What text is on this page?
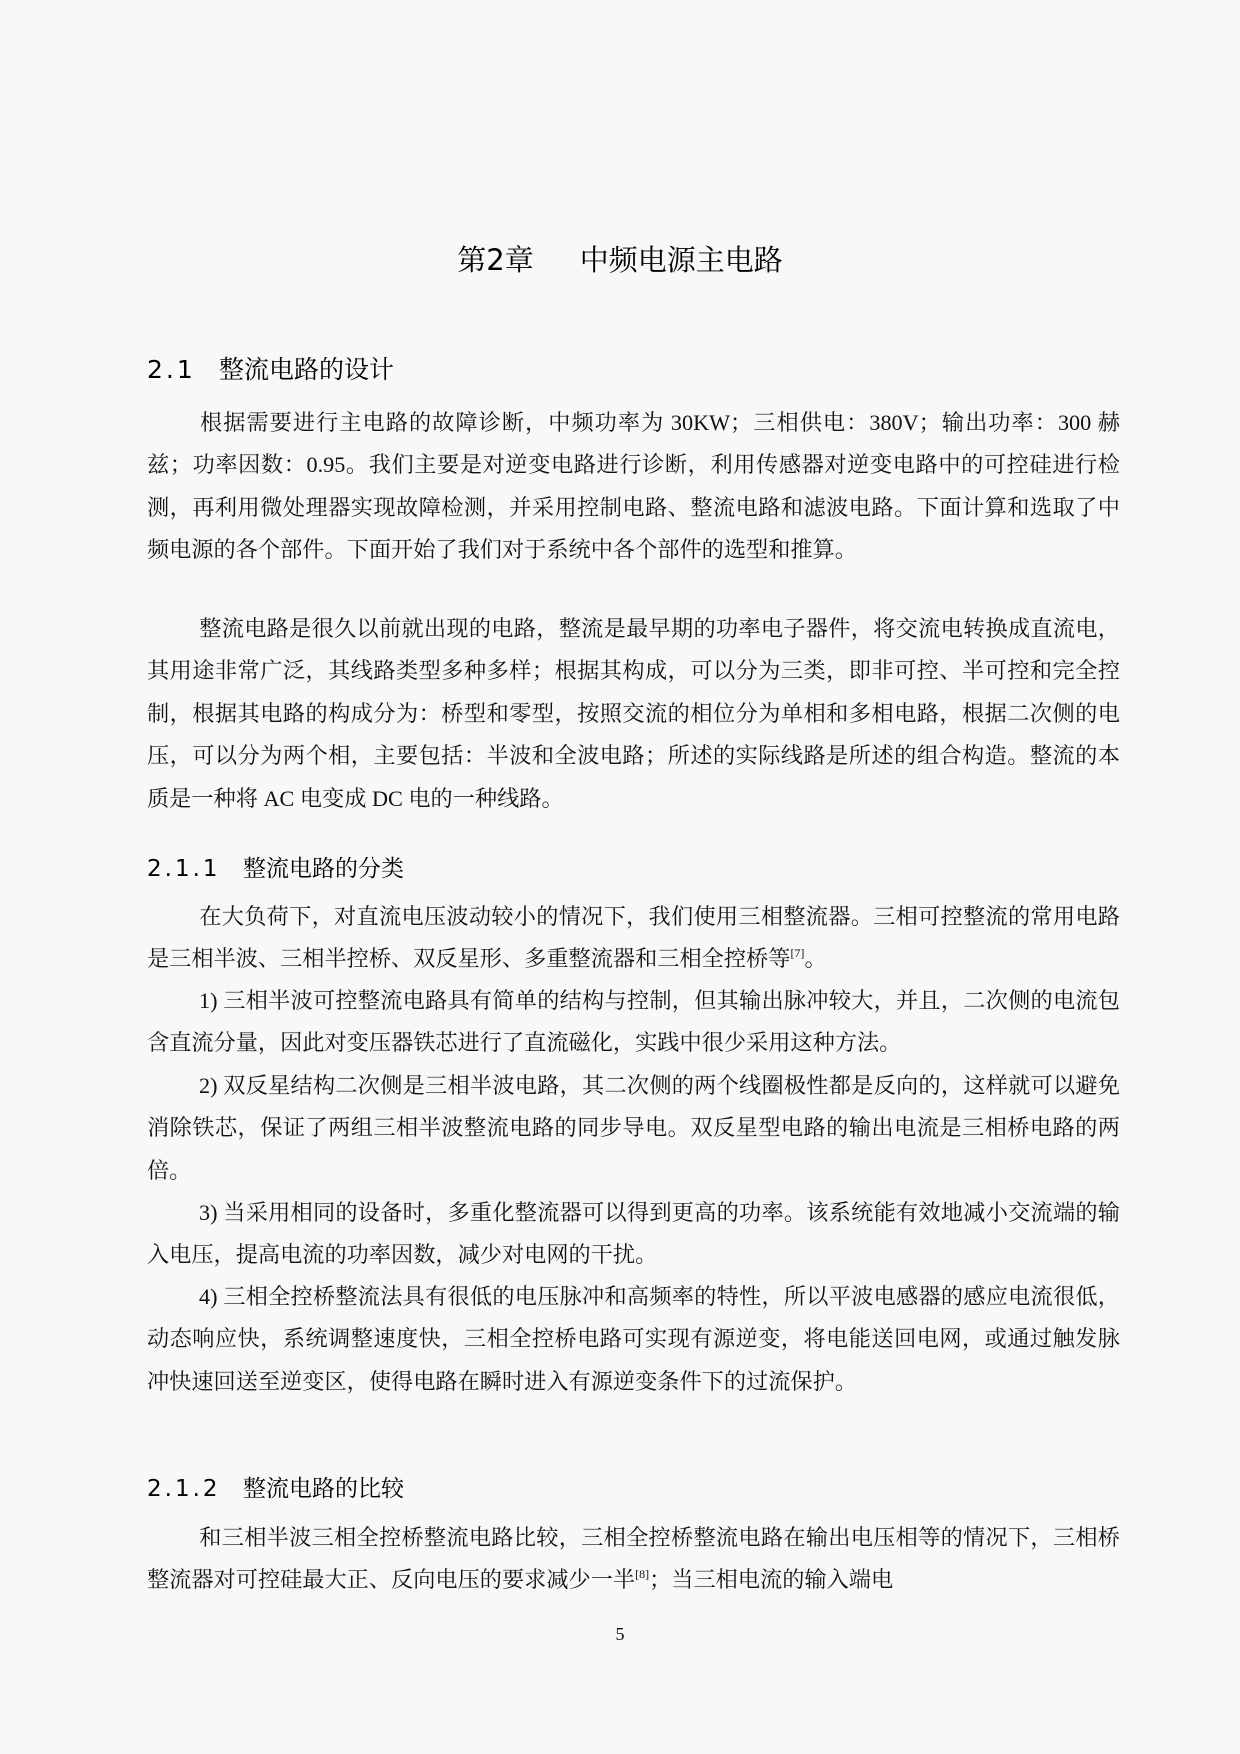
第2章 中频电源主电路
2.1 整流电路的设计

根据需要进行主电路的故障诊断，中频功率为 30KW；三相供电：380V；输出功率：300 赫兹；功率因数：0.95。我们主要是对逆变电路进行诊断，利用传感器对逆变电路中的可控硅进行检测，再利用微处理器实现故障检测，并采用控制电路、整流电路和滤波电路。下面计算和选取了中频电源的各个部件。下面开始了我们对于系统中各个部件的选型和推算。

整流电路是很久以前就出现的电路，整流是最早期的功率电子器件，将交流电转换成直流电，其用途非常广泛，其线路类型多种多样；根据其构成，可以分为三类，即非可控、半可控和完全控制，根据其电路的构成分为：桥型和零型，按照交流的相位分为单相和多相电路，根据二次侧的电压，可以分为两个相，主要包括：半波和全波电路；所述的实际线路是所述的组合构造。整流的本质是一种将 AC 电变成 DC 电的一种线路。

2.1.1 整流电路的分类

在大负荷下，对直流电压波动较小的情况下，我们使用三相整流器。三相可控整流的常用电路是三相半波、三相半控桥、双反星形、多重整流器和三相全控桥等[7]。

1) 三相半波可控整流电路具有简单的结构与控制，但其输出脉冲较大，并且，二次侧的电流包含直流分量，因此对变压器铁芯进行了直流磁化，实践中很少采用这种方法。

2) 双反星结构二次侧是三相半波电路，其二次侧的两个线圈极性都是反向的，这样就可以避免消除铁芯，保证了两组三相半波整流电路的同步导电。双反星型电路的输出电流是三相桥电路的两倍。

3) 当采用相同的设备时，多重化整流器可以得到更高的功率。该系统能有效地减小交流端的输入电压，提高电流的功率因数，减少对电网的干扰。

4) 三相全控桥整流法具有很低的电压脉冲和高频率的特性，所以平波电感器的感应电流很低，动态响应快，系统调整速度快，三相全控桥电路可实现有源逆变，将电能送回电网，或通过触发脉冲快速回送至逆变区，使得电路在瞬时进入有源逆变条件下的过流保护。

2.1.2 整流电路的比较

和三相半波三相全控桥整流电路比较，三相全控桥整流电路在输出电压相等的情况下，三相桥整流器对可控硅最大正、反向电压的要求减少一半[8]；当三相电流的输入端电

5
